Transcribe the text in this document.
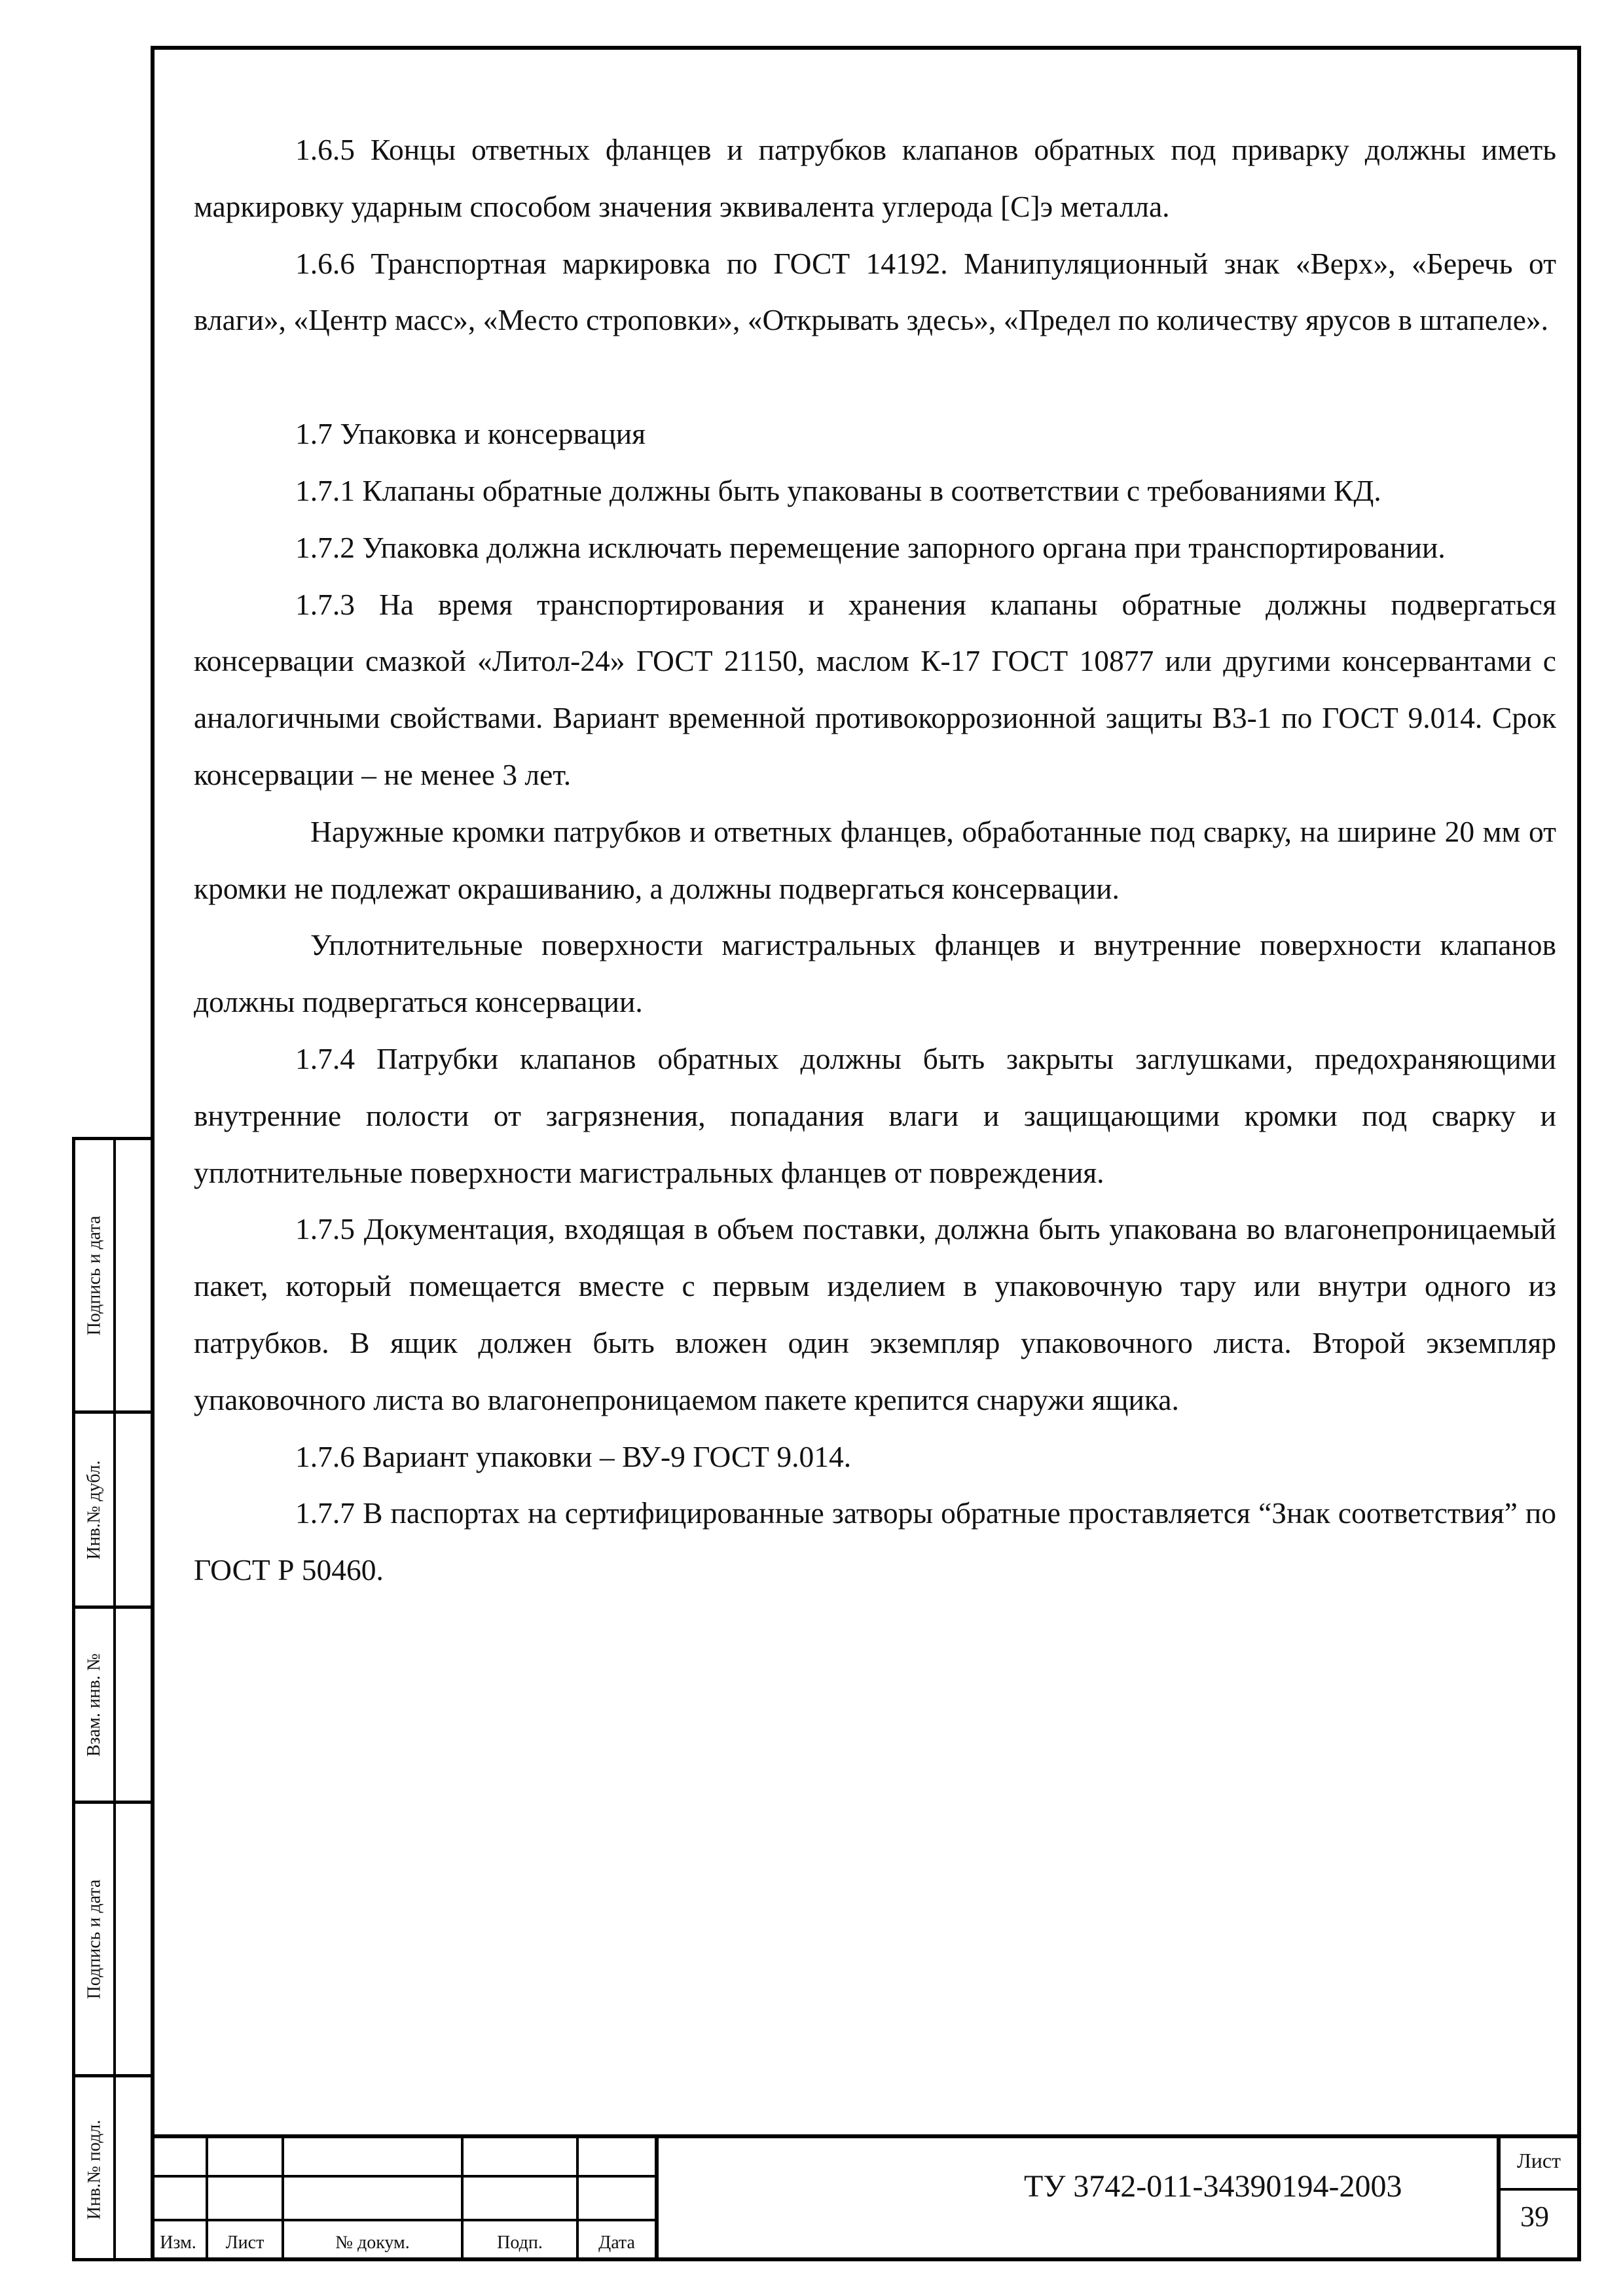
1.6.5 Концы ответных фланцев и патрубков клапанов обратных под приварку должны иметь маркировку ударным способом значения эквивалента углерода [C]э металла.

1.6.6 Транспортная маркировка по ГОСТ 14192. Манипуляционный знак «Верх», «Беречь от влаги», «Центр масс», «Место строповки», «Открывать здесь», «Предел по количеству ярусов в штапеле».

1.7 Упаковка и консервация

1.7.1 Клапаны обратные должны быть упакованы в соответствии с требованиями КД.

1.7.2 Упаковка должна исключать перемещение запорного органа при транспортировании.

1.7.3 На время транспортирования и хранения клапаны обратные должны подвергаться консервации смазкой «Литол-24» ГОСТ 21150, маслом К-17 ГОСТ 10877 или другими консервантами с аналогичными свойствами. Вариант временной противокоррозионной защиты В3-1 по ГОСТ 9.014. Срок консервации – не менее 3 лет.

Наружные кромки патрубков и ответных фланцев, обработанные под сварку, на ширине 20 мм от кромки не подлежат окрашиванию, а должны подвергаться консервации.

Уплотнительные поверхности магистральных фланцев и внутренние поверхности клапанов должны подвергаться консервации.

1.7.4 Патрубки клапанов обратных должны быть закрыты заглушками, предохраняющими внутренние полости от загрязнения, попадания влаги и защищающими кромки под сварку и уплотнительные поверхности магистральных фланцев от повреждения.

1.7.5 Документация, входящая в объем поставки, должна быть упакована во влагонепроницаемый пакет, который помещается вместе с первым изделием в упаковочную тару или внутри одного из патрубков. В ящик должен быть вложен один экземпляр упаковочного листа. Второй экземпляр упаковочного листа во влагонепроницаемом пакете крепится снаружи ящика.

1.7.6 Вариант упаковки – ВУ-9 ГОСТ 9.014.

1.7.7 В паспортах на сертифицированные затворы обратные проставляется “Знак соответствия” по ГОСТ Р 50460.

Подпись и дата
Инв.№ дубл.
Взам. инв. №
Подпись и дата
Инв.№ подл.
Изм.	Лист	№ докум.	Подп.	Дата
ТУ 3742-011-34390194-2003
Лист
39
